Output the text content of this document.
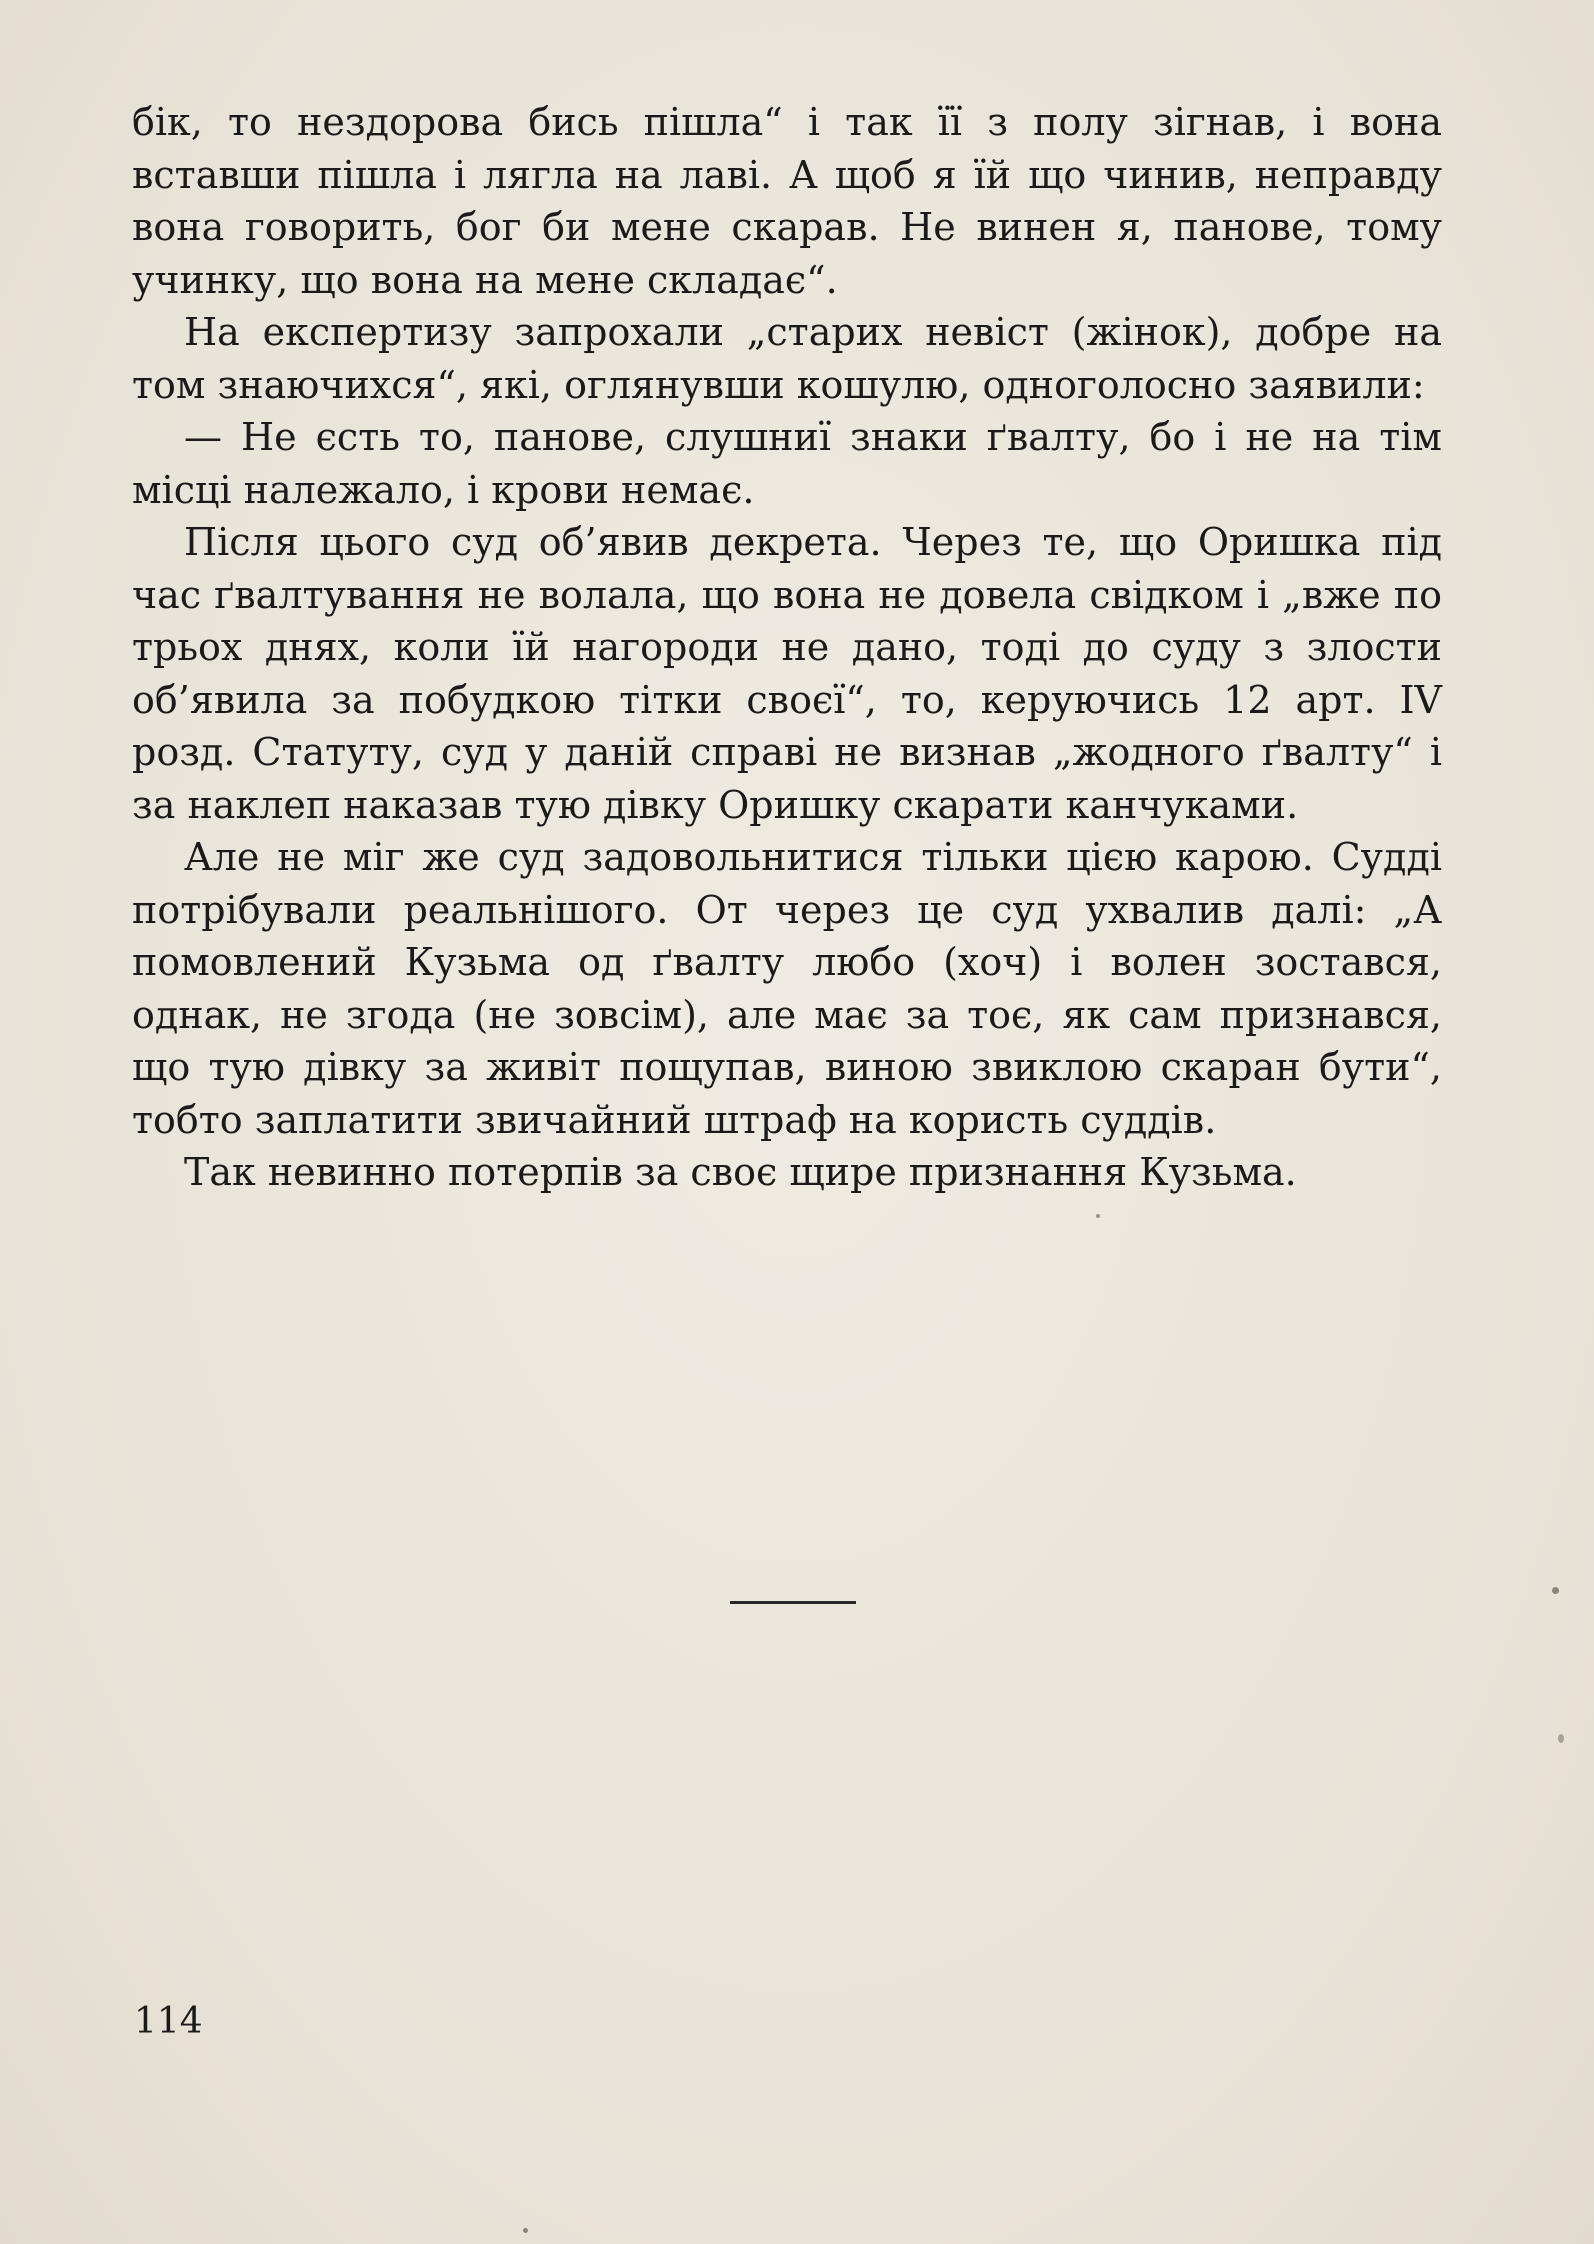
бік, то нездорова бись пішла“ і так її з полу зігнав, і вона вставши пішла і лягла на лаві. А щоб я їй що чинив, неправду вона говорить, бог би мене скарав. Не винен я, панове, тому учинку, що вона на мене складає“.

На експертизу запрохали „старих невіст (жінок), добре на том знаючихся“, які, оглянувши кошулю, одноголосно заявили:

— Не єсть то, панове, слушниї знаки ґвалту, бо і не на тім місці належало, і крови немає.

Після цього суд об’явив декрета. Через те, що Оришка під час ґвалтування не волала, що вона не довела свідком і „вже по трьох днях, коли їй нагороди не дано, тоді до суду з злости об’явила за побудкою тітки своєї“, то, керуючись 12 арт. IV розд. Статуту, суд у даній справі не визнав „жодного ґвалту“ і за наклеп наказав тую дівку Оришку скарати канчуками.

Але не міг же суд задовольнитися тільки цією карою. Судді потрібували реальнішого. От через це суд ухвалив далі: „А помовлений Кузьма од ґвалту любо (хоч) і волен зостався, однак, не згода (не зовсім), але має за тоє, як сам признався, що тую дівку за живіт пощупав, виною звиклою скаран бути“, тобто заплатити звичайний штраф на користь суддів.

Так невинно потерпів за своє щире признання Кузьма.

114
